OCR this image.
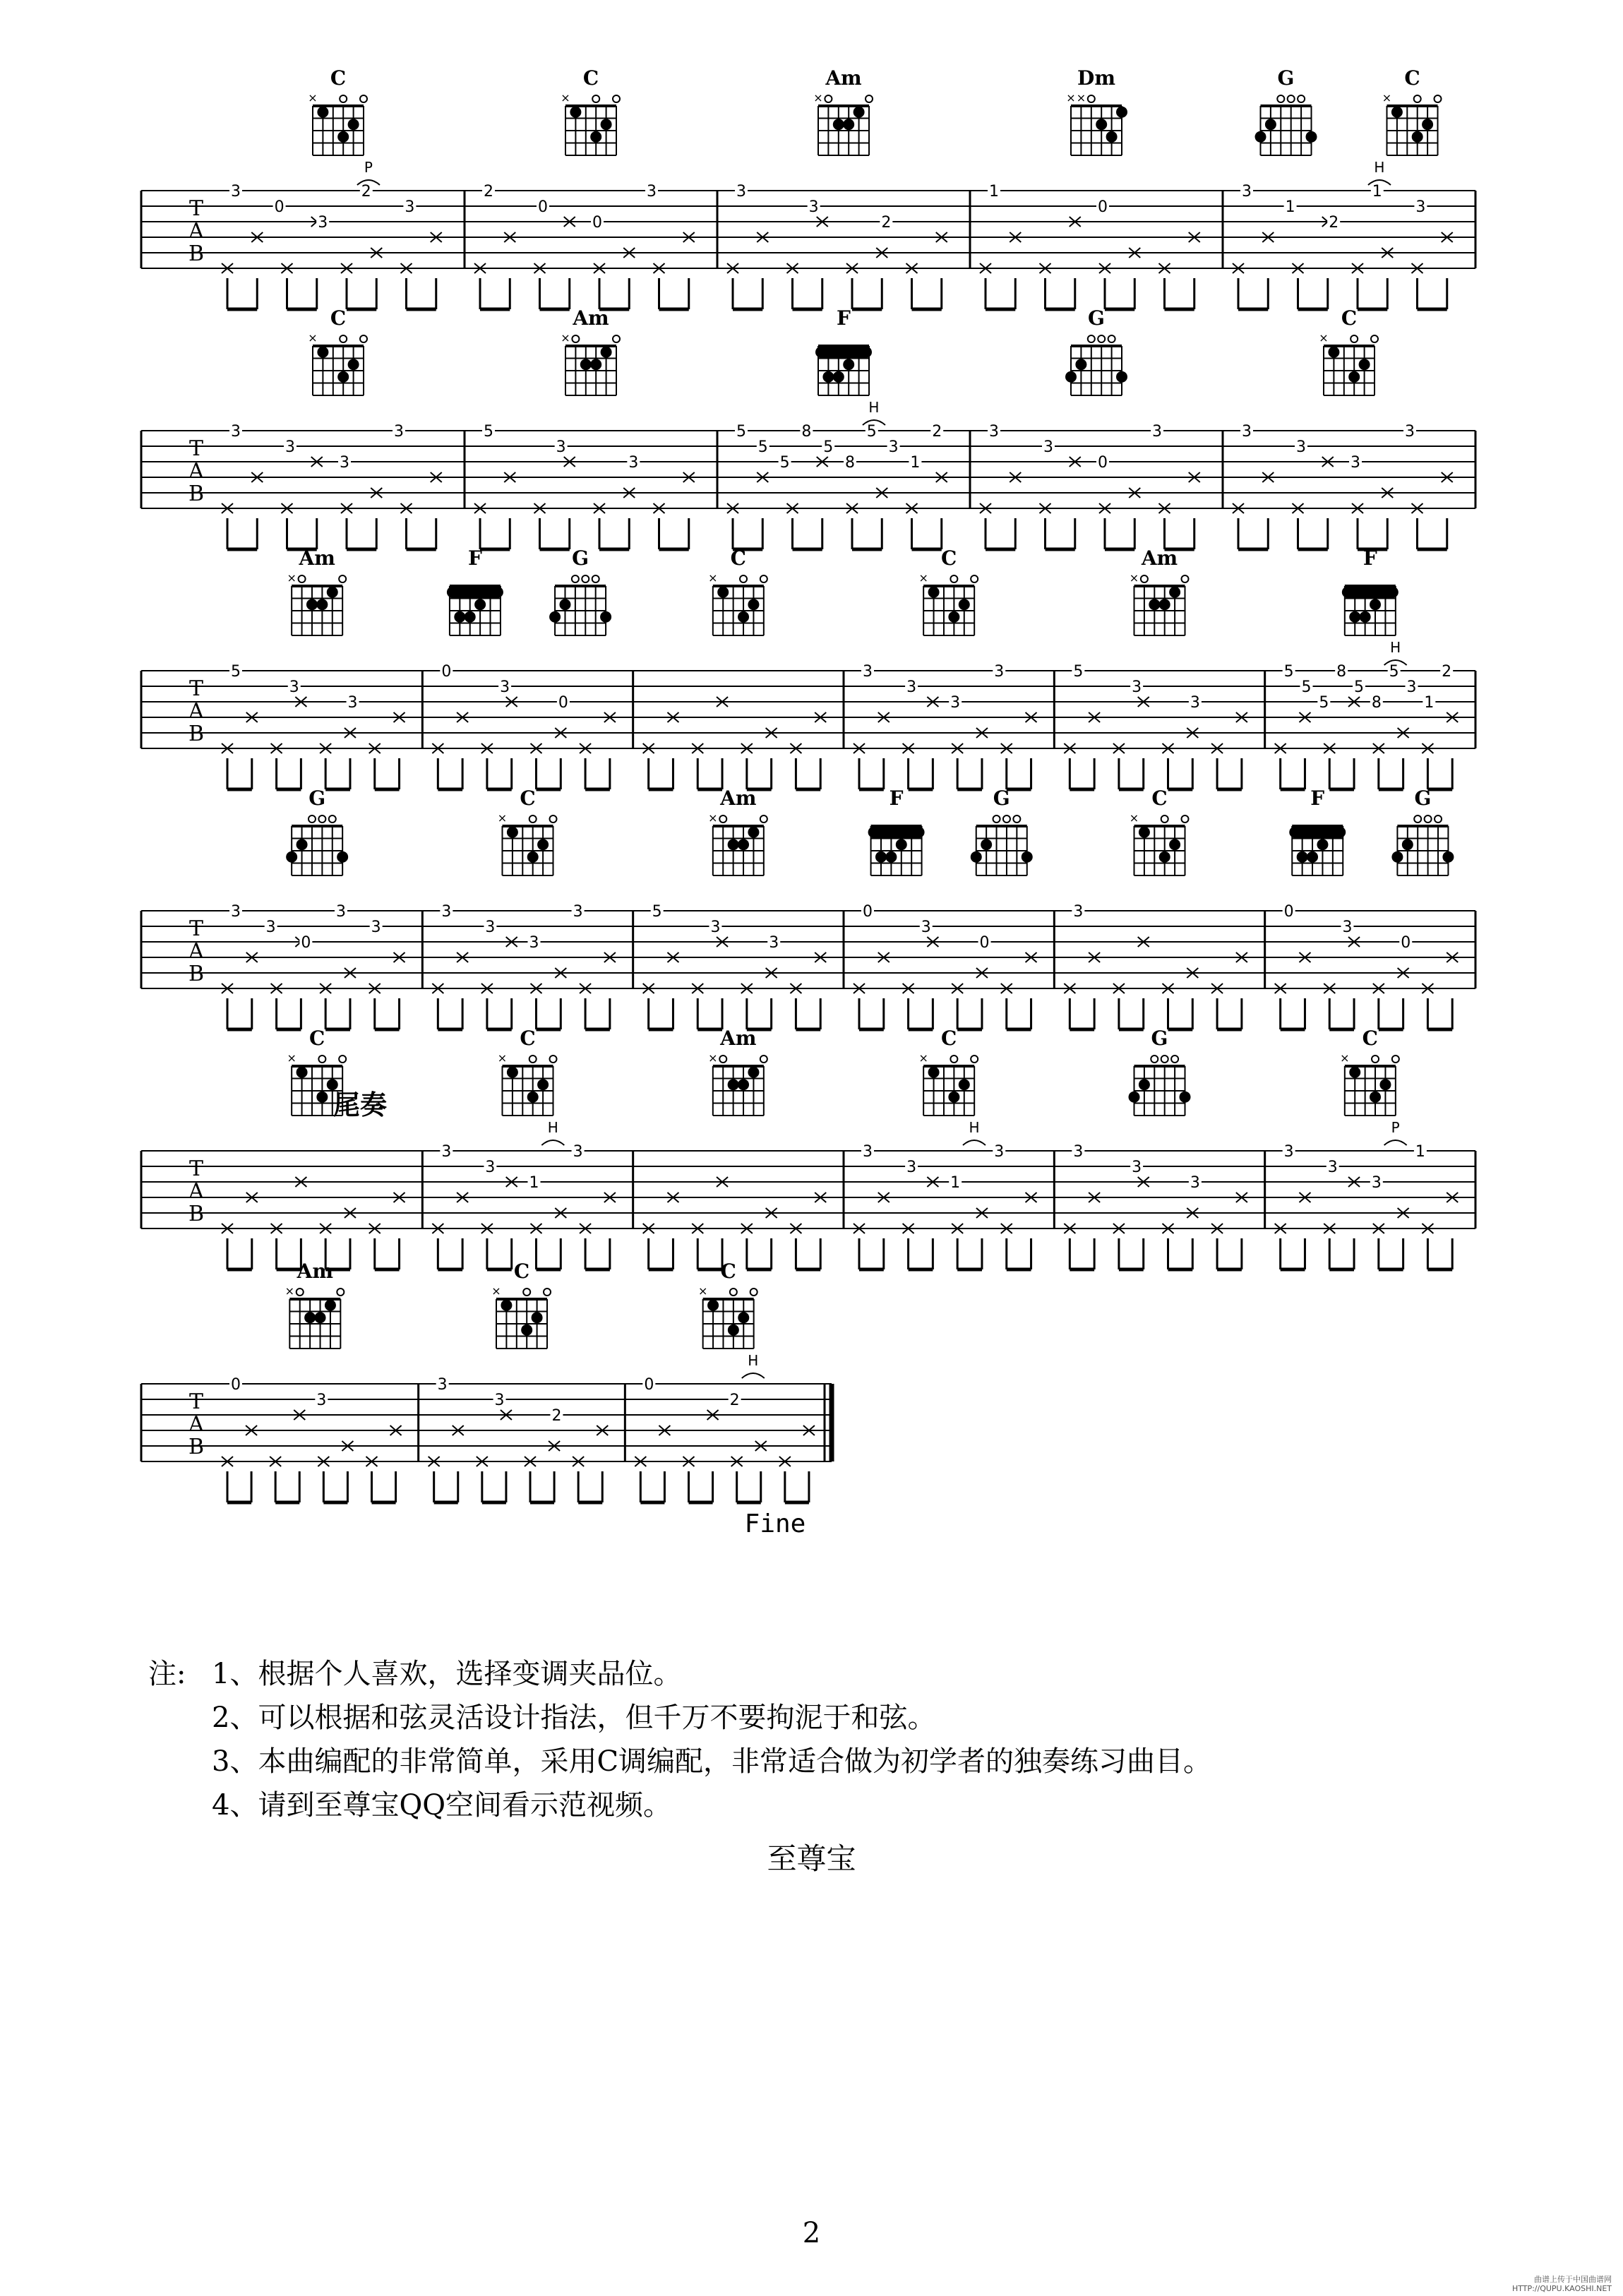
T
A
B
C
×
3
0
3
2
3
P
C
×
2
0
0
3
Am
×
3
3
2
Dm
× ×
1
0
G	C
×
3
1
2
1
3
H
T
A
B
C
×
3
3
3
3
Am
×
5
3
3
F
5
5
5
8
5
8
5
3
1
2
H
G
3
3
0
3
C
×
3
3
3
3
T
A
B
Am
×
5
3
3
F	G
0
3
0
C
×
C
×
3
3
3
3
Am
×
5
3
3
F
5
5
5
8
5
8
5
3
1
2
H
T
A
B
G
3
3
0
3
3
C
×
3
3
3
3
Am
×
5
3
3
F	G
0
3
0
C
×
3
F	G
0
3
0
T
A
B
C
×
C
×
3
3
1
3
H
Am
×
C
×
3
3
1
3
H
G
3
3
3
C
×
3
3
3
1
P
尾奏
T
A
B
Am
×
0
3
C
×
3
3
2
C
×
0
2
H
Fine
注: 1、根据个人喜欢，选择变调夹品位。
2、可以根据和弦灵活设计指法，但千万不要拘泥于和弦。
3、本曲编配的非常简单，采用C调编配，非常适合做为初学者的独奏练习曲目。
4、请到至尊宝QQ空间看示范视频。
至尊宝
2
曲谱上传于中国曲谱网
HTTP://QUPU.KAOSHI.NET
